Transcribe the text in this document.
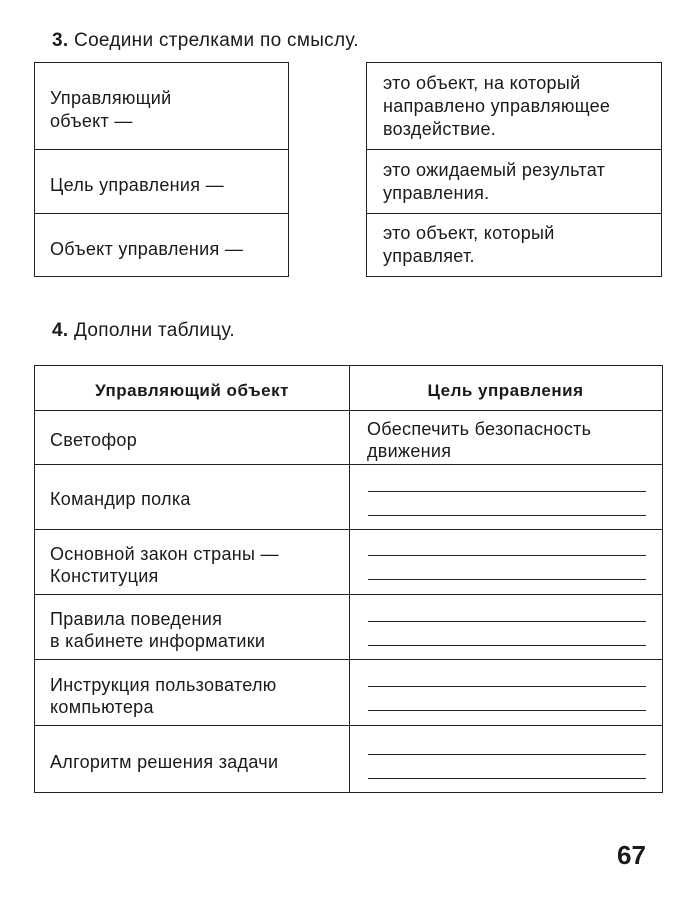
3. Соедини стрелками по смыслу.
Управляющий
объект —
Цель управления —
Объект управления —
это объект, на который
направлено управляющее
воздействие.
это ожидаемый результат
управления.
это объект, который
управляет.
4. Дополни таблицу.
Управляющий объект	Цель управления
Светофор
Обеспечить безопасность
движения
Командир полка
Основной закон страны —
Конституция
Правила поведения
в кабинете информатики
Инструкция пользователю
компьютера
Алгоритм решения задачи
67
